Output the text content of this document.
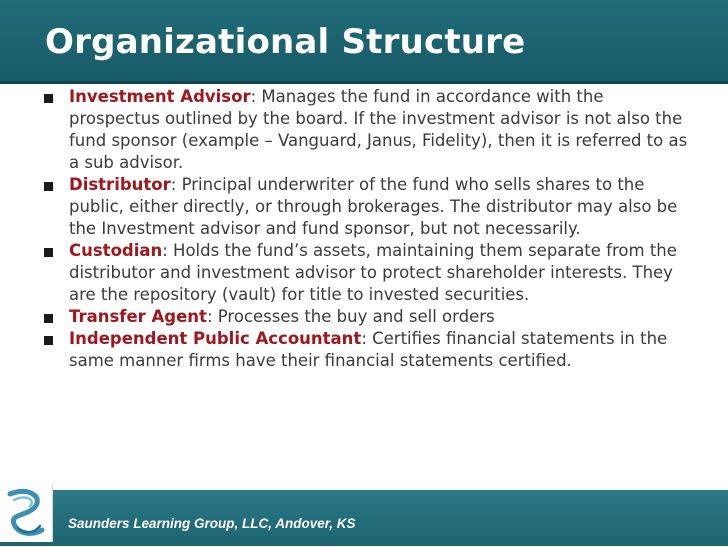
Organizational Structure
Investment Advisor: Manages the fund in accordance with the prospectus outlined by the board. If the investment advisor is not also the fund sponsor (example – Vanguard, Janus, Fidelity), then it is referred to as a sub advisor.
Distributor: Principal underwriter of the fund who sells shares to the public, either directly, or through brokerages. The distributor may also be the Investment advisor and fund sponsor, but not necessarily.
Custodian: Holds the fund’s assets, maintaining them separate from the distributor and investment advisor to protect shareholder interests. They are the repository (vault) for title to invested securities.
Transfer Agent: Processes the buy and sell orders
Independent Public Accountant: Certifies financial statements in the same manner firms have their financial statements certified.
Saunders Learning Group, LLC, Andover, KS
